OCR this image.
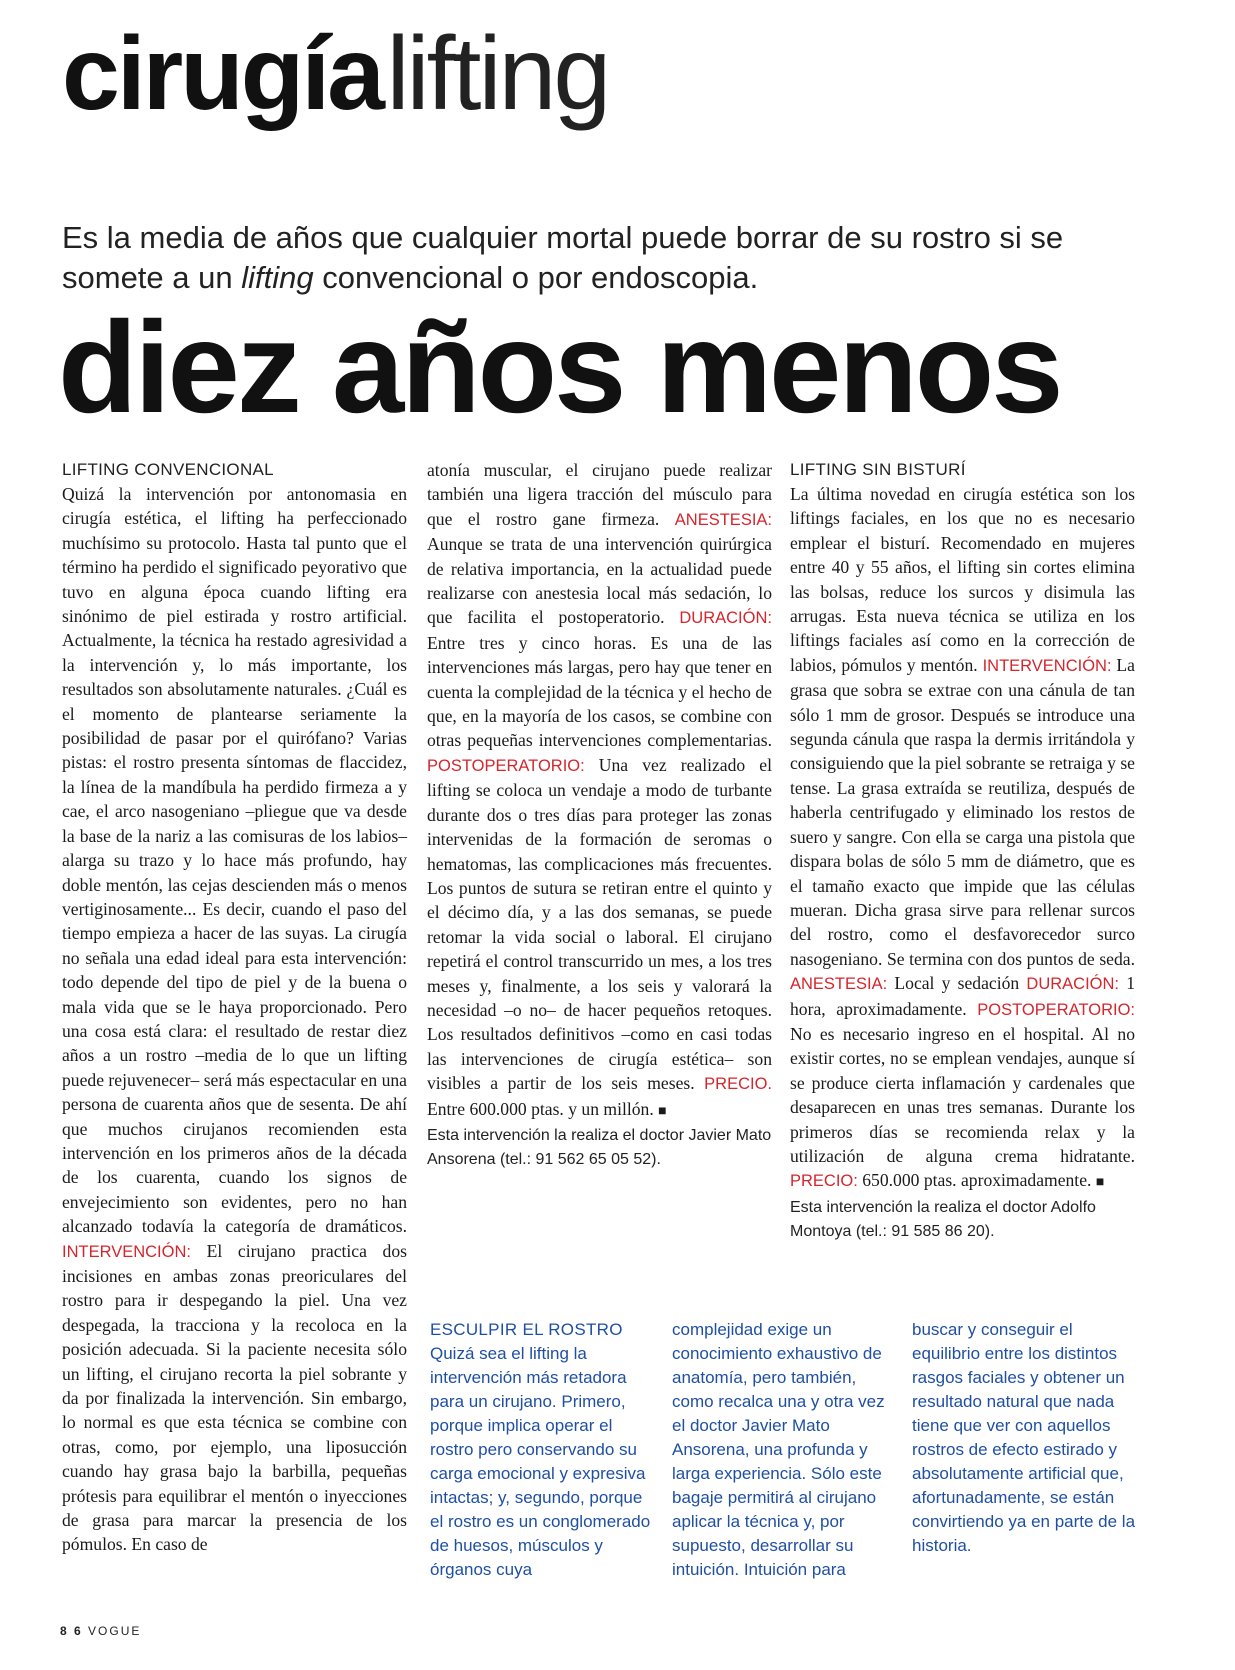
cirugía lifting
Es la media de años que cualquier mortal puede borrar de su rostro si se somete a un lifting convencional o por endoscopia.
diez años menos
LIFTING CONVENCIONAL

Quizá la intervención por antonomasia en cirugía estética, el lifting ha perfeccionado muchísimo su protocolo. Hasta tal punto que el término ha perdido el significado peyorativo que tuvo en alguna época cuando lifting era sinónimo de piel estirada y rostro artificial. Actualmente, la técnica ha restado agresividad a la intervención y, lo más importante, los resultados son absolutamente naturales. ¿Cuál es el momento de plantearse seriamente la posibilidad de pasar por el quirófano? Varias pistas: el rostro presenta síntomas de flaccidez, la línea de la mandíbula ha perdido firmeza a y cae, el arco nasogeniano –pliegue que va desde la base de la nariz a las comisuras de los labios– alarga su trazo y lo hace más profundo, hay doble mentón, las cejas descienden más o menos vertiginosamente... Es decir, cuando el paso del tiempo empieza a hacer de las suyas. La cirugía no señala una edad ideal para esta intervención: todo depende del tipo de piel y de la buena o mala vida que se le haya proporcionado. Pero una cosa está clara: el resultado de restar diez años a un rostro –media de lo que un lifting puede rejuvenecer– será más espectacular en una persona de cuarenta años que de sesenta. De ahí que muchos cirujanos recomienden esta intervención en los primeros años de la década de los cuarenta, cuando los signos de envejecimiento son evidentes, pero no han alcanzado todavía la categoría de dramáticos. INTERVENCIÓN: El cirujano practica dos incisiones en ambas zonas preoriculares del rostro para ir despegando la piel. Una vez despegada, la tracciona y la recoloca en la posición adecuada. Si la paciente necesita sólo un lifting, el cirujano recorta la piel sobrante y da por finalizada la intervención. Sin embargo, lo normal es que esta técnica se combine con otras, como, por ejemplo, una liposucción cuando hay grasa bajo la barbilla, pequeñas prótesis para equilibrar el mentón o inyecciones de grasa para marcar la presencia de los pómulos. En caso de

atonía muscular, el cirujano puede realizar también una ligera tracción del músculo para que el rostro gane firmeza. ANESTESIA: Aunque se trata de una intervención quirúrgica de relativa importancia, en la actualidad puede realizarse con anestesia local más sedación, lo que facilita el postoperatorio. DURACIÓN: Entre tres y cinco horas. Es una de las intervenciones más largas, pero hay que tener en cuenta la complejidad de la técnica y el hecho de que, en la mayoría de los casos, se combine con otras pequeñas intervenciones complementarias. POSTOPERATORIO: Una vez realizado el lifting se coloca un vendaje a modo de turbante durante dos o tres días para proteger las zonas intervenidas de la formación de seromas o hematomas, las complicaciones más frecuentes. Los puntos de sutura se retiran entre el quinto y el décimo día, y a las dos semanas, se puede retomar la vida social o laboral. El cirujano repetirá el control transcurrido un mes, a los tres meses y, finalmente, a los seis y valorará la necesidad –o no– de hacer pequeños retoques. Los resultados definitivos –como en casi todas las intervenciones de cirugía estética– son visibles a partir de los seis meses. PRECIO. Entre 600.000 ptas. y un millón. ■

Esta intervención la realiza el doctor Javier Mato Ansorena (tel.: 91 562 65 05 52).
LIFTING SIN BISTURÍ

La última novedad en cirugía estética son los liftings faciales, en los que no es necesario emplear el bisturí. Recomendado en mujeres entre 40 y 55 años, el lifting sin cortes elimina las bolsas, reduce los surcos y disimula las arrugas. Esta nueva técnica se utiliza en los liftings faciales así como en la corrección de labios, pómulos y mentón. INTERVENCIÓN: La grasa que sobra se extrae con una cánula de tan sólo 1 mm de grosor. Después se introduce una segunda cánula que raspa la dermis irritándola y consiguiendo que la piel sobrante se retraiga y se tense. La grasa extraída se reutiliza, después de haberla centrifugado y eliminado los restos de suero y sangre. Con ella se carga una pistola que dispara bolas de sólo 5 mm de diámetro, que es el tamaño exacto que impide que las células mueran. Dicha grasa sirve para rellenar surcos del rostro, como el desfavorecedor surco nasogeniano. Se termina con dos puntos de seda. ANESTESIA: Local y sedación DURACIÓN: 1 hora, aproximadamente. POSTOPERATORIO: No es necesario ingreso en el hospital. Al no existir cortes, no se emplean vendajes, aunque sí se produce cierta inflamación y cardenales que desaparecen en unas tres semanas. Durante los primeros días se recomienda relax y la utilización de alguna crema hidratante. PRECIO: 650.000 ptas. aproximadamente. ■

Esta intervención la realiza el doctor Adolfo Montoya (tel.: 91 585 86 20).
ESCULPIR EL ROSTRO
Quizá sea el lifting la intervención más retadora para un cirujano. Primero, porque implica operar el rostro pero conservando su carga emocional y expresiva intactas; y, segundo, porque el rostro es un conglomerado de huesos, músculos y órganos cuya
complejidad exige un conocimiento exhaustivo de anatomía, pero también, como recalca una y otra vez el doctor Javier Mato Ansorena, una profunda y larga experiencia. Sólo este bagaje permitirá al cirujano aplicar la técnica y, por supuesto, desarrollar su intuición. Intuición para
buscar y conseguir el equilibrio entre los distintos rasgos faciales y obtener un resultado natural que nada tiene que ver con aquellos rostros de efecto estirado y absolutamente artificial que, afortunadamente, se están convirtiendo ya en parte de la historia.
8 6 VOGUE
